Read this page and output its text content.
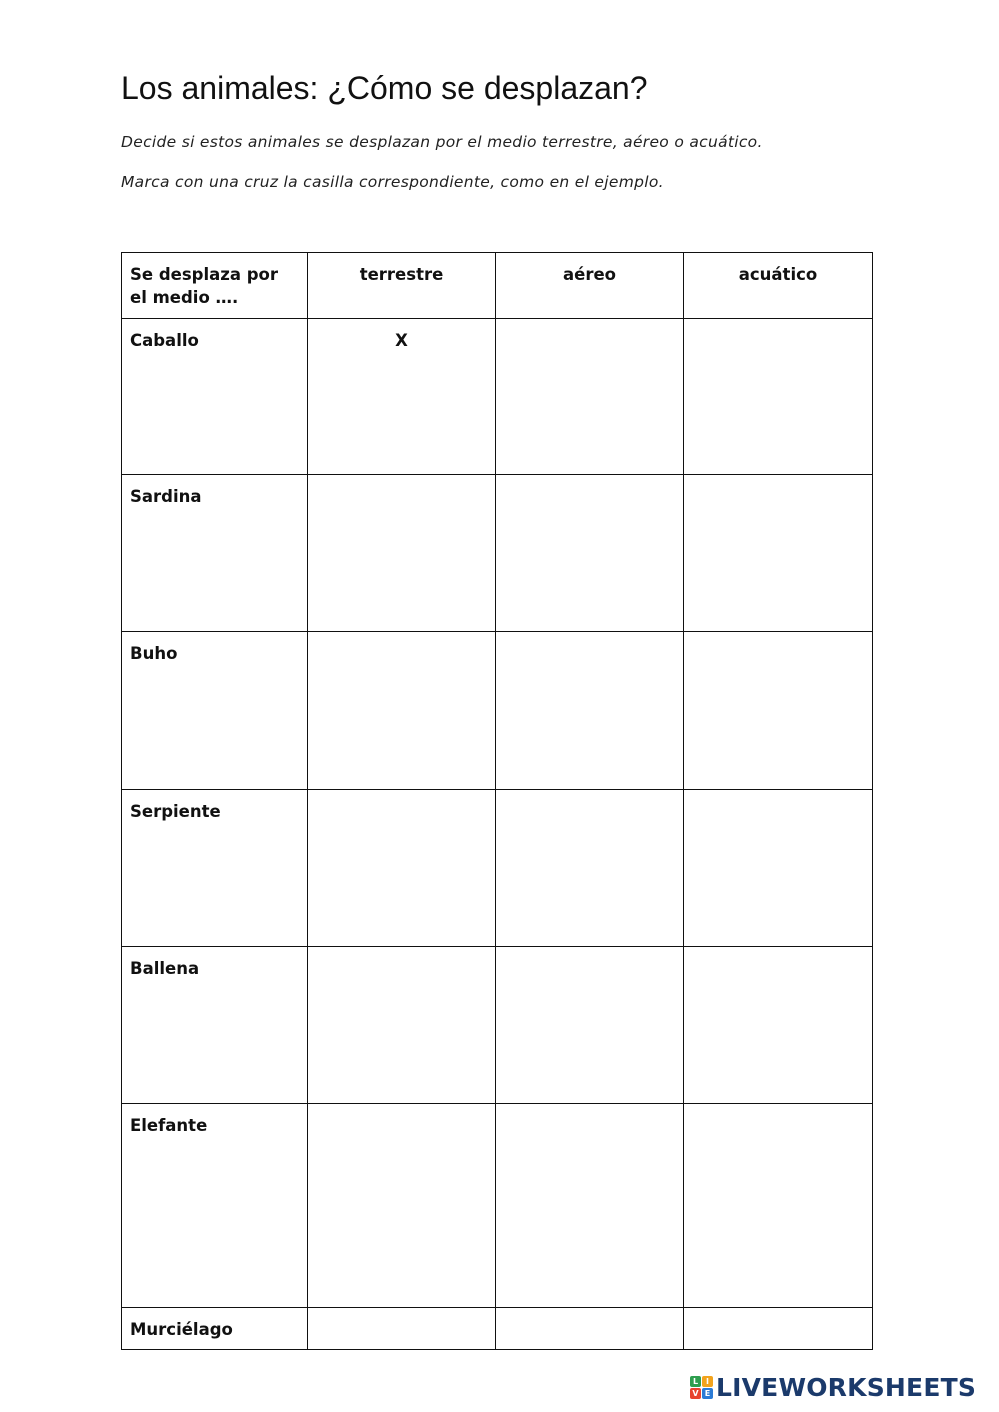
Los animales: ¿Cómo se desplazan?
Decide si estos animales se desplazan por el medio terrestre, aéreo o acuático.
Marca con una cruz la casilla correspondiente, como en el ejemplo.
Se desplaza por el medio ….	terrestre	aéreo	acuático
Caballo	X		
Sardina			
Buho			
Serpiente			
Ballena			
Elefante			
Murciélago			
L I
V E LIVEWORKSHEETS
